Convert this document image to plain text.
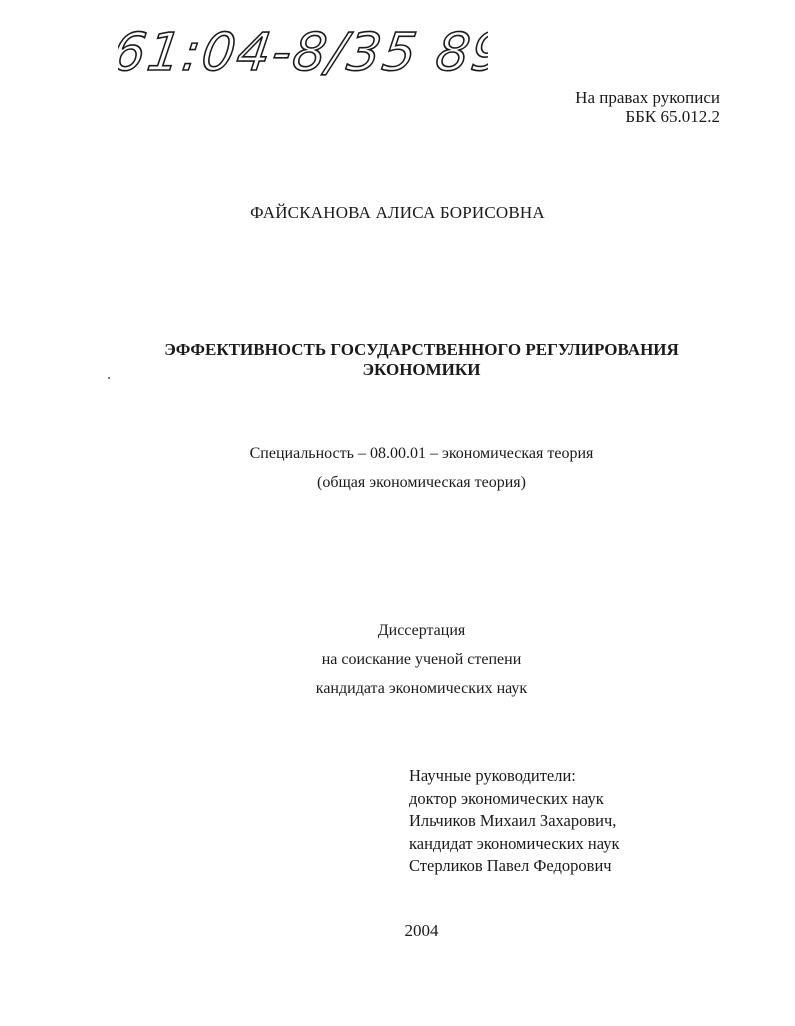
61:04-8/35 89
На правах рукописи
ББК 65.012.2
ФАЙСКАНОВА АЛИСА БОРИСОВНА
ЭФФЕКТИВНОСТЬ ГОСУДАРСТВЕННОГО РЕГУЛИРОВАНИЯ
ЭКОНОМИКИ
Специальность – 08.00.01 – экономическая теория
(общая экономическая теория)
Диссертация
на соискание ученой степени
кандидата экономических наук
Научные руководители:
доктор экономических наук
Ильчиков Михаил Захарович,
кандидат экономических наук
Стерликов Павел Федорович
2004
